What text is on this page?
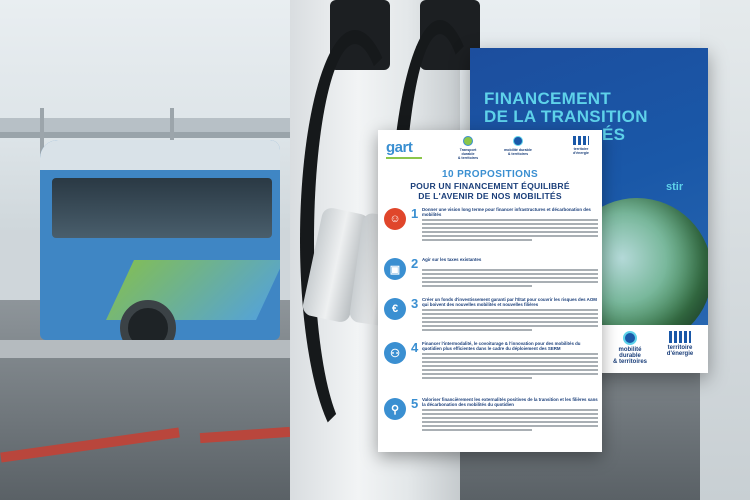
FINANCEMENT
DE LA TRANSITION
ÉS
stir
mobilité durable
& territoires
territoire
d'énergie
gart	Transport durable
& territoires
mobilité durable
& territoires
territoire
d'énergie
10 PROPOSITIONS
POUR UN FINANCEMENT ÉQUILIBRÉ
DE L'AVENIR DE NOS MOBILITÉS
☺ 1 Donner une vision long terme pour financer infrastructures et décarbonation des mobilités
▣ 2 Agir sur les taxes existantes
€ 3 Créer un fonds d'investissement garanti par l'État pour couvrir les risques des AOM qui boivent des nouvelles mobilités et nouvelles filières
⚇ 4 Financer l'intermodalité, le covoiturage & l'innovation pour des mobilités du quotidien plus efficientes dans le cadre du déploiement des SERM
⚲ 5 Valoriser financièrement les externalités positives de la transition et les filières sans la décarbonation des mobilités du quotidien
